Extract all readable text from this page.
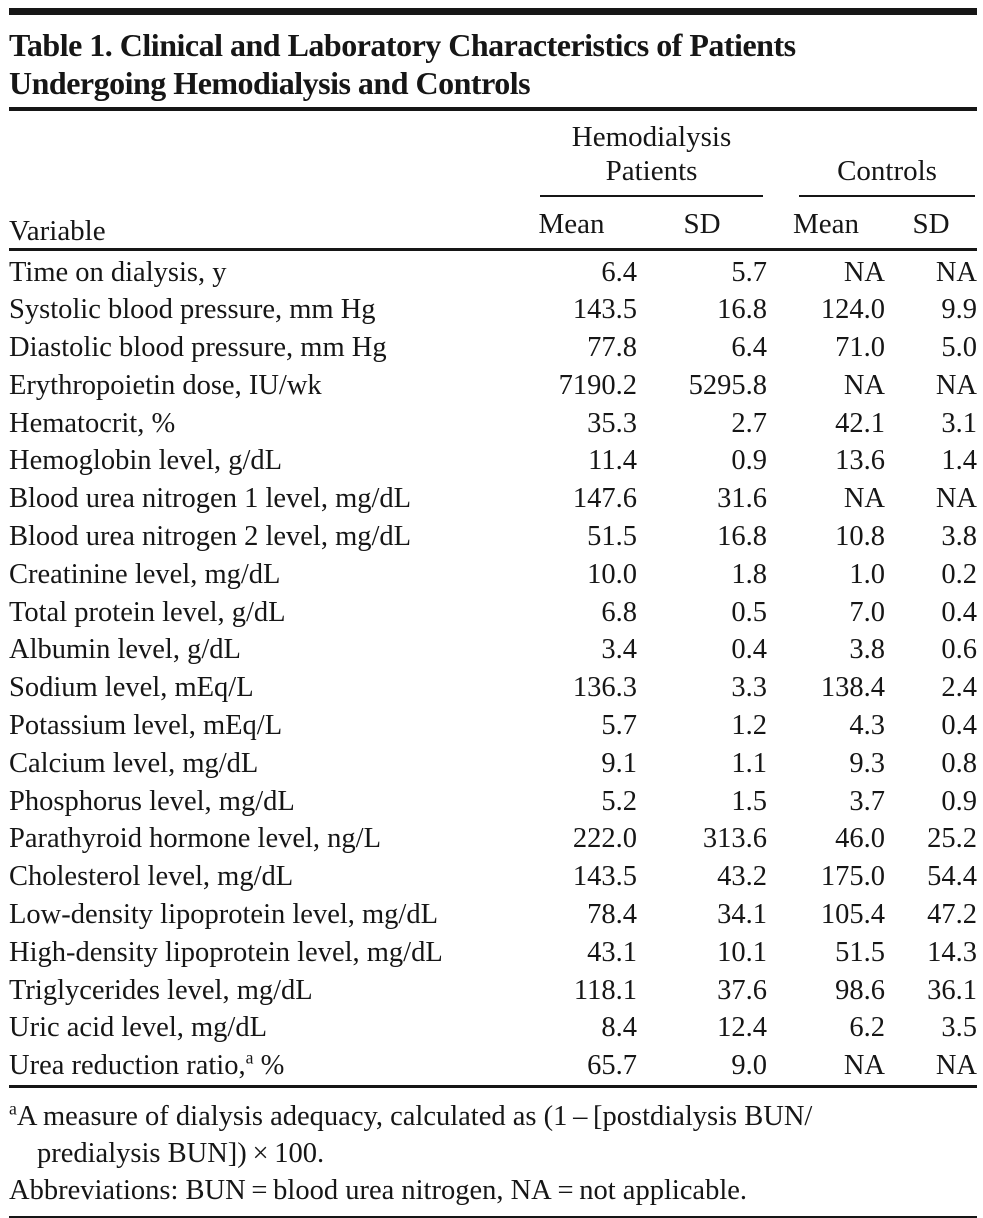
Table 1. Clinical and Laboratory Characteristics of Patients
Undergoing Hemodialysis and Controls
Variable	Hemodialysis Patients		Controls	

	Mean	SD	Mean	SD
Time on dialysis, y	6.4	5.7	NA	NA
Systolic blood pressure, mm Hg	143.5	16.8	124.0	9.9
Diastolic blood pressure, mm Hg	77.8	6.4	71.0	5.0
Erythropoietin dose, IU/wk	7190.2	5295.8	NA	NA
Hematocrit, %	35.3	2.7	42.1	3.1
Hemoglobin level, g/dL	11.4	0.9	13.6	1.4
Blood urea nitrogen 1 level, mg/dL	147.6	31.6	NA	NA
Blood urea nitrogen 2 level, mg/dL	51.5	16.8	10.8	3.8
Creatinine level, mg/dL	10.0	1.8	1.0	0.2
Total protein level, g/dL	6.8	0.5	7.0	0.4
Albumin level, g/dL	3.4	0.4	3.8	0.6
Sodium level, mEq/L	136.3	3.3	138.4	2.4
Potassium level, mEq/L	5.7	1.2	4.3	0.4
Calcium level, mg/dL	9.1	1.1	9.3	0.8
Phosphorus level, mg/dL	5.2	1.5	3.7	0.9
Parathyroid hormone level, ng/L	222.0	313.6	46.0	25.2
Cholesterol level, mg/dL	143.5	43.2	175.0	54.4
Low-density lipoprotein level, mg/dL	78.4	34.1	105.4	47.2
High-density lipoprotein level, mg/dL	43.1	10.1	51.5	14.3
Triglycerides level, mg/dL	118.1	37.6	98.6	36.1
Uric acid level, mg/dL	8.4	12.4	6.2	3.5
Urea reduction ratio,$^a$ %	65.7	9.0	NA	NA
$^a$A measure of dialysis adequacy, calculated as (1 – [postdialysis BUN/
predialysis BUN]) × 100.
Abbreviations: BUN = blood urea nitrogen, NA = not applicable.
